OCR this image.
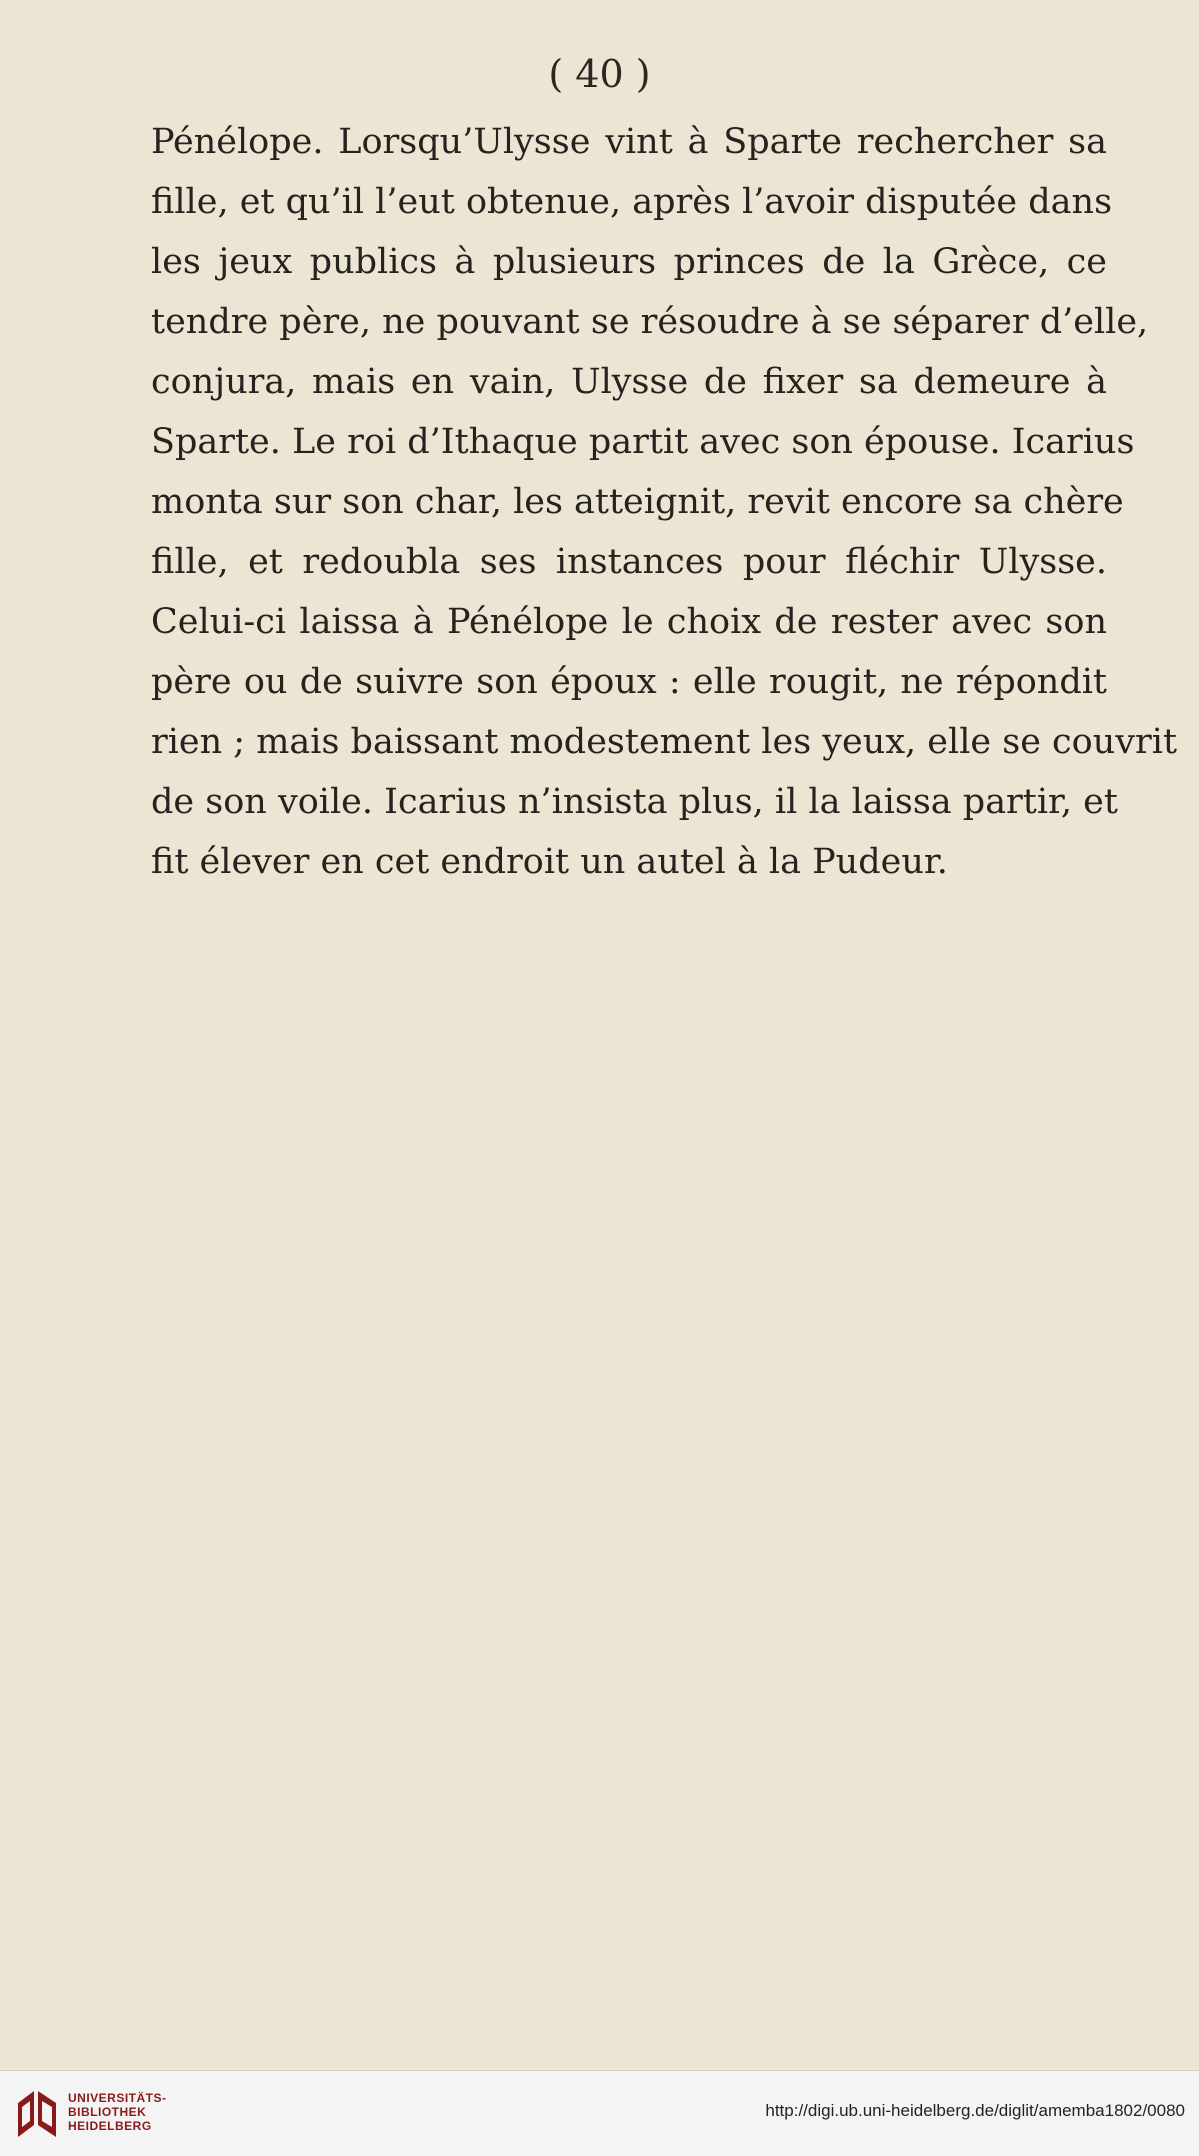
( 40 )
Pénélope. Lorsqu’Ulysse vint à Sparte rechercher sa
fille, et qu’il l’eut obtenue, après l’avoir disputée dans
les jeux publics à plusieurs princes de la Grèce, ce
tendre père, ne pouvant se résoudre à se séparer d’elle,
conjura, mais en vain, Ulysse de fixer sa demeure à
Sparte. Le roi d’Ithaque partit avec son épouse. Icarius
monta sur son char, les atteignit, revit encore sa chère
fille, et redoubla ses instances pour fléchir Ulysse.
Celui-ci laissa à Pénélope le choix de rester avec son
père ou de suivre son époux : elle rougit, ne répondit
rien ; mais baissant modestement les yeux, elle se couvrit
de son voile. Icarius n’insista plus, il la laissa partir, et
fit élever en cet endroit un autel à la Pudeur.
UNIVERSITÄTS-
BIBLIOTHEK
HEIDELBERG
http://digi.ub.uni-heidelberg.de/diglit/amemba1802/0080
